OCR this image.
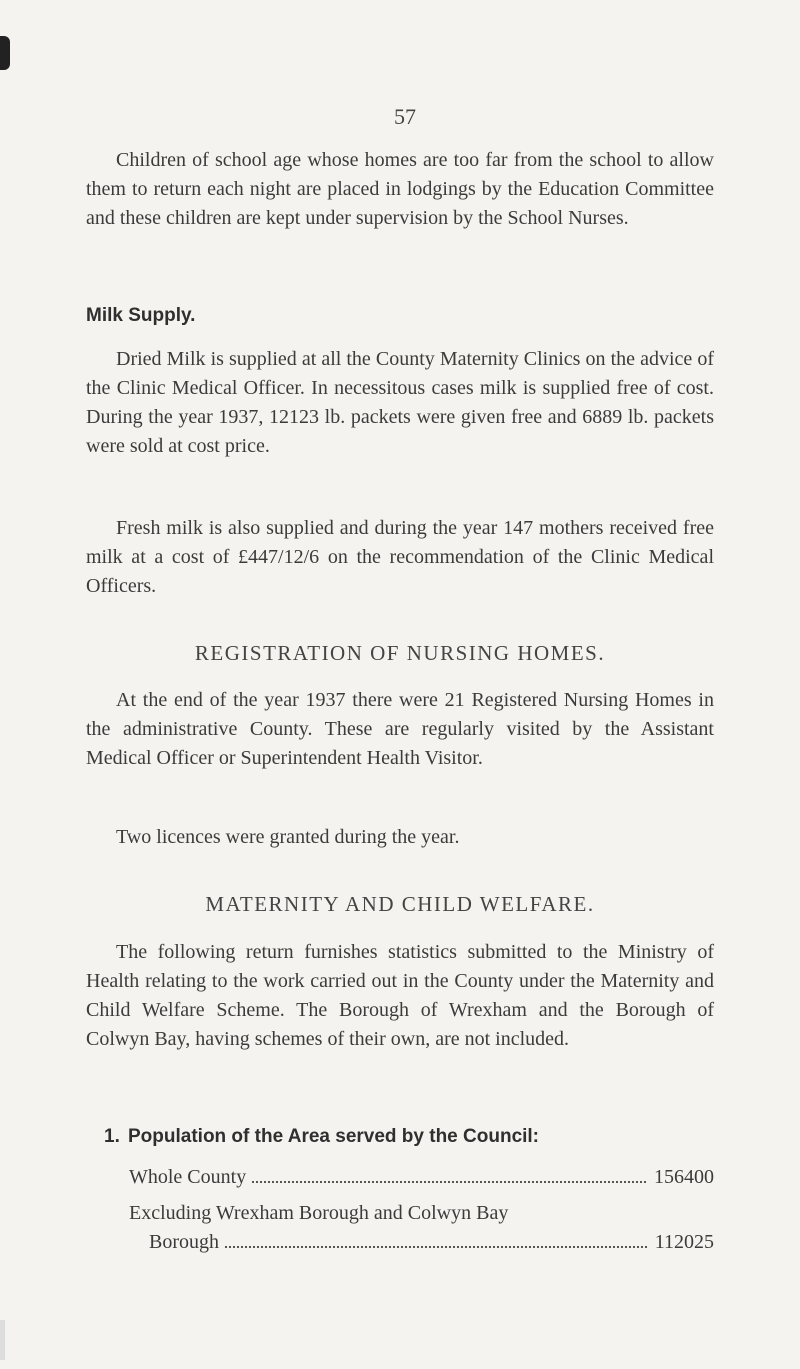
57

Children of school age whose homes are too far from the school to allow them to return each night are placed in lodgings by the Education Committee and these children are kept under supervision by the School Nurses.

Milk Supply.

Dried Milk is supplied at all the County Maternity Clinics on the advice of the Clinic Medical Officer. In necessitous cases milk is supplied free of cost. During the year 1937, 12123 lb. packets were given free and 6889 lb. packets were sold at cost price.

Fresh milk is also supplied and during the year 147 mothers received free milk at a cost of £447/12/6 on the recommendation of the Clinic Medical Officers.

REGISTRATION OF NURSING HOMES.

At the end of the year 1937 there were 21 Registered Nursing Homes in the administrative County. These are regularly visited by the Assistant Medical Officer or Superintendent Health Visitor.

Two licences were granted during the year.

MATERNITY AND CHILD WELFARE.

The following return furnishes statistics submitted to the Ministry of Health relating to the work carried out in the County under the Maternity and Child Welfare Scheme. The Borough of Wrexham and the Borough of Colwyn Bay, having schemes of their own, are not included.

1. Population of the Area served by the Council:

Whole County	156400
Excluding Wrexham Borough and Colwyn Bay
Borough	112025
